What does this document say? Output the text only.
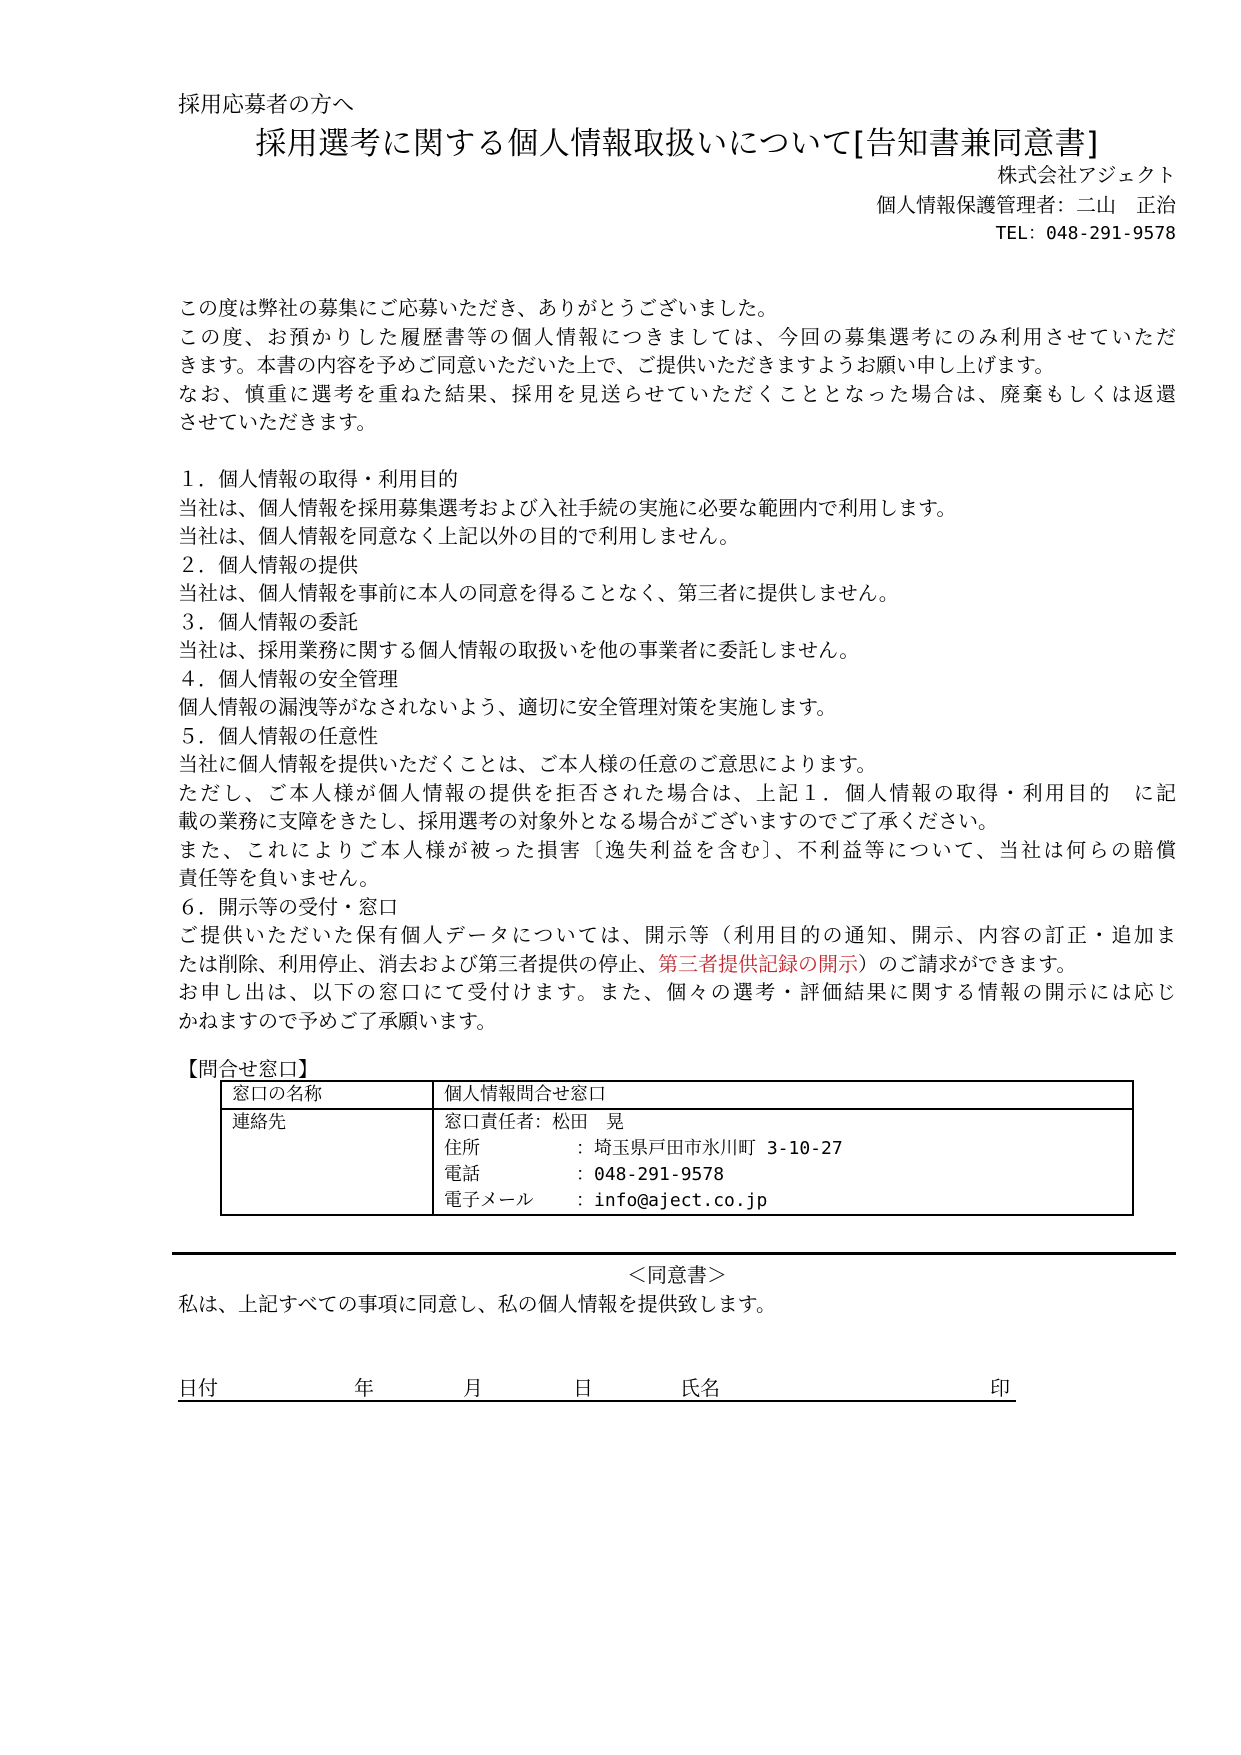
採用応募者の方へ
採用選考に関する個人情報取扱いについて[告知書兼同意書]
株式会社アジェクト
個人情報保護管理者：二山　正治
TEL：048-291-9578
この度は弊社の募集にご応募いただき、ありがとうございました。
この度、お預かりした履歴書等の個人情報につきましては、今回の募集選考にのみ利用させていただ
きます。本書の内容を予めご同意いただいた上で、ご提供いただきますようお願い申し上げます。
なお、慎重に選考を重ねた結果、採用を見送らせていただくこととなった場合は、廃棄もしくは返還
させていただきます。
１．個人情報の取得・利用目的
当社は、個人情報を採用募集選考および入社手続の実施に必要な範囲内で利用します。
当社は、個人情報を同意なく上記以外の目的で利用しません。
２．個人情報の提供
当社は、個人情報を事前に本人の同意を得ることなく、第三者に提供しません。
３．個人情報の委託
当社は、採用業務に関する個人情報の取扱いを他の事業者に委託しません。
４．個人情報の安全管理
個人情報の漏洩等がなされないよう、適切に安全管理対策を実施します。
５．個人情報の任意性
当社に個人情報を提供いただくことは、ご本人様の任意のご意思によります。
ただし、ご本人様が個人情報の提供を拒否された場合は、上記１．個人情報の取得・利用目的　に記
載の業務に支障をきたし、採用選考の対象外となる場合がございますのでご了承ください。
また、これによりご本人様が被った損害〔逸失利益を含む〕、不利益等について、当社は何らの賠償
責任等を負いません。
６．開示等の受付・窓口
ご提供いただいた保有個人データについては、開示等（利用目的の通知、開示、内容の訂正・追加ま
たは削除、利用停止、消去および第三者提供の停止、第三者提供記録の開示）のご請求ができます。
お申し出は、以下の窓口にて受付けます。また、個々の選考・評価結果に関する情報の開示には応じ
かねますので予めご了承願います。
【問合せ窓口】
窓口の名称	個人情報問合せ窓口

連絡先	窓口責任者：松田　晃
住所 ：埼玉県戸田市氷川町 3-10-27
電話 ：048-291-9578
電子メール ：info@aject.co.jp
＜同意書＞
私は、上記すべての事項に同意し、私の個人情報を提供致します。
日付	年	月	日	氏名	印
